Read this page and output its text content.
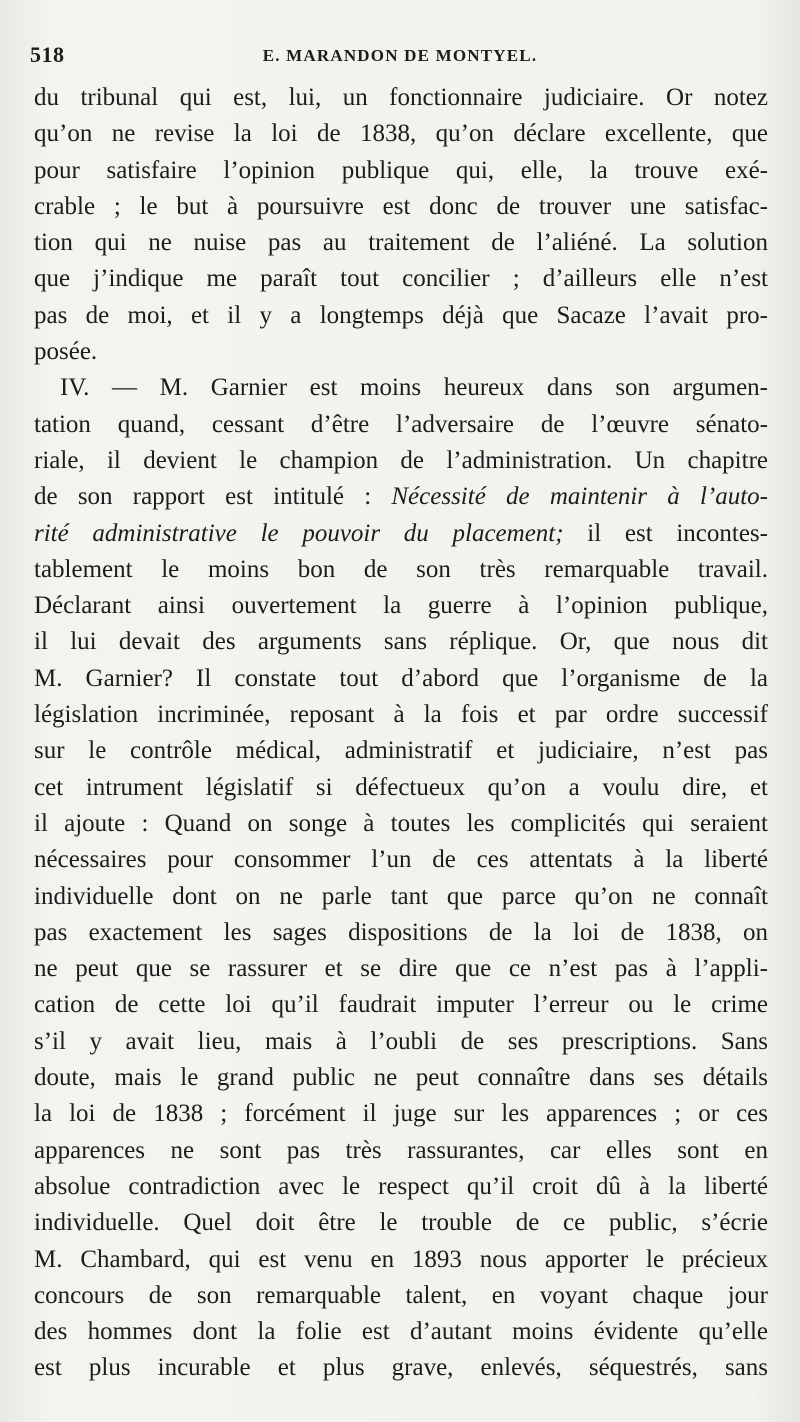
518	E. MARANDON DE MONTYEL.
du tribunal qui est, lui, un fonctionnaire judiciaire. Or notez
qu’on ne revise la loi de 1838, qu’on déclare excellente, que
pour satisfaire l’opinion publique qui, elle, la trouve exé-
crable ; le but à poursuivre est donc de trouver une satisfac-
tion qui ne nuise pas au traitement de l’aliéné. La solution
que j’indique me paraît tout concilier ; d’ailleurs elle n’est
pas de moi, et il y a longtemps déjà que Sacaze l’avait pro-
posée.
IV. — M. Garnier est moins heureux dans son argumen-
tation quand, cessant d’être l’adversaire de l’œuvre sénato-
riale, il devient le champion de l’administration. Un chapitre
de son rapport est intitulé : Nécessité de maintenir à l’auto-
rité administrative le pouvoir du placement; il est incontes-
tablement le moins bon de son très remarquable travail.
Déclarant ainsi ouvertement la guerre à l’opinion publique,
il lui devait des arguments sans réplique. Or, que nous dit
M. Garnier? Il constate tout d’abord que l’organisme de la
législation incriminée, reposant à la fois et par ordre successif
sur le contrôle médical, administratif et judiciaire, n’est pas
cet intrument législatif si défectueux qu’on a voulu dire, et
il ajoute : Quand on songe à toutes les complicités qui seraient
nécessaires pour consommer l’un de ces attentats à la liberté
individuelle dont on ne parle tant que parce qu’on ne connaît
pas exactement les sages dispositions de la loi de 1838, on
ne peut que se rassurer et se dire que ce n’est pas à l’appli-
cation de cette loi qu’il faudrait imputer l’erreur ou le crime
s’il y avait lieu, mais à l’oubli de ses prescriptions. Sans
doute, mais le grand public ne peut connaître dans ses détails
la loi de 1838 ; forcément il juge sur les apparences ; or ces
apparences ne sont pas très rassurantes, car elles sont en
absolue contradiction avec le respect qu’il croit dû à la liberté
individuelle. Quel doit être le trouble de ce public, s’écrie
M. Chambard, qui est venu en 1893 nous apporter le précieux
concours de son remarquable talent, en voyant chaque jour
des hommes dont la folie est d’autant moins évidente qu’elle
est plus incurable et plus grave, enlevés, séquestrés, sans
